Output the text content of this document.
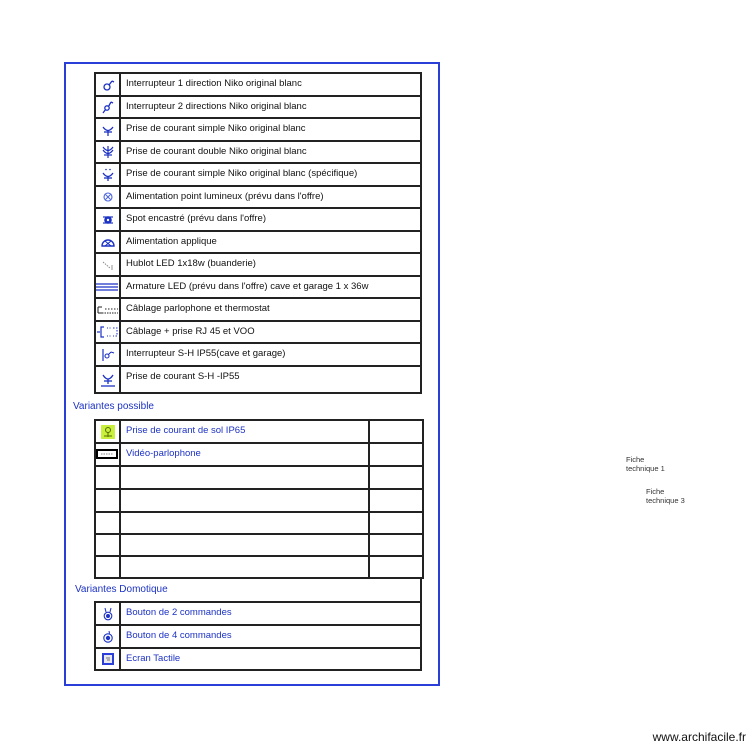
	Interrupteur 1 direction Niko original blanc
	Interrupteur 2 directions Niko original blanc
	Prise de courant simple Niko original blanc
	Prise de courant double Niko original blanc
	Prise de courant simple Niko original blanc (spécifique)
	Alimentation point lumineux (prévu dans l'offre)
	Spot encastré (prévu dans l'offre)
	Alimentation applique
	Hublot LED 1x18w (buanderie)
	Armature LED (prévu dans l'offre) cave et garage 1 x 36w
	Câblage parlophone et thermostat
	Câblage + prise RJ 45 et VOO
	Interrupteur S-H IP55(cave et garage)
	Prise de courant S-H -IP55
Variantes possible
	Prise de courant de sol IP65	
	Vidéo-parlophone	

Variantes Domotique
	Bouton de 2 commandes
	Bouton de 4 commandes
	Ecran Tactile
Fiche
technique 1
Fiche
technique 3
www.archifacile.fr
